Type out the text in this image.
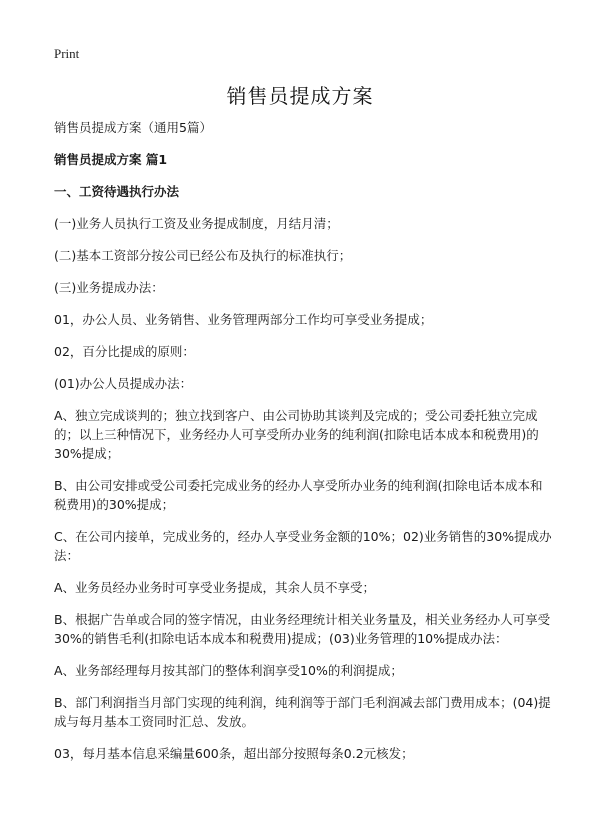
Print
销售员提成方案

销售员提成方案（通用5篇）

销售员提成方案 篇1

一、工资待遇执行办法

(一)业务人员执行工资及业务提成制度，月结月清；

(二)基本工资部分按公司已经公布及执行的标准执行；

(三)业务提成办法：

01，办公人员、业务销售、业务管理两部分工作均可享受业务提成；

02，百分比提成的原则：

(01)办公人员提成办法：

A、独立完成谈判的；独立找到客户、由公司协助其谈判及完成的；受公司委托独立完成的；以上三种情况下，业务经办人可享受所办业务的纯利润(扣除电话本成本和税费用)的30%提成；

B、由公司安排或受公司委托完成业务的经办人享受所办业务的纯利润(扣除电话本成本和税费用)的30%提成；

C、在公司内接单，完成业务的，经办人享受业务金额的10%；02)业务销售的30%提成办法：

A、业务员经办业务时可享受业务提成，其余人员不享受；

B、根据广告单或合同的签字情况，由业务经理统计相关业务量及，相关业务经办人可享受30%的销售毛利(扣除电话本成本和税费用)提成；(03)业务管理的10%提成办法：

A、业务部经理每月按其部门的整体利润享受10%的利润提成；

B、部门利润指当月部门实现的纯利润，纯利润等于部门毛利润减去部门费用成本；(04)提成与每月基本工资同时汇总、发放。

03，每月基本信息采编量600条，超出部分按照每条0.2元核发；
